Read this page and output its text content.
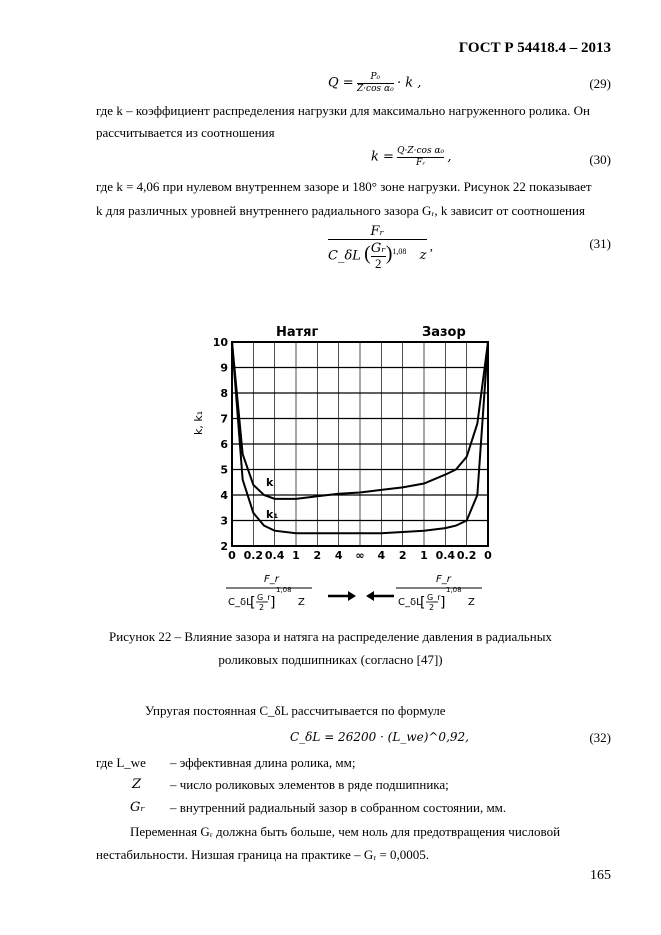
ГОСТ Р 54418.4 – 2013
$Q = \frac{\text{P₀}}{\text{Z·cos α₀}} \cdot k$ ,	(29)
где k – коэффициент распределения нагрузки для максимально нагруженного ролика. Он
рассчитывается из соотношения
$k = \frac{\text{Q·Z·cos α₀}}{\text{Fᵣ}}$ ,	(30)
где k = 4,06 при нулевом внутреннем зазоре и 180° зоне нагрузки. Рисунок 22 показывает
k для различных уровней внутреннего радиального зазора Gᵣ, k зависит от соотношения
$\frac{\text{Fᵣ}}{C\_\delta L ( \frac{\text{Gᵣ}}{2} )^{1,08} z}$ ,	(31)
Натяг	Зазор
k, k₁
2
3
4
5
6
7
8
9
10
0 0.2 0.4 1 2 4 ∞ 4 2 1 0.4 0.2 0
k
k₁
F_r
C_δL
[ G_r
2 ]
1,08
Z
F_r
C_δL
[ G_r
2 ]
1,08
Z
Рисунок 22 – Влияние зазора и натяга на распределение давления в радиальных
роликовых подшипниках (согласно [47])
Упругая постоянная C_δL рассчитывается по формуле
C_δL = 26200 · (L_we)^0,92,	(32)
где L_we – эффективная длина ролика, мм;
Z – число роликовых элементов в ряде подшипника;
Gᵣ – внутренний радиальный зазор в собранном состоянии, мм.
Переменная Gᵣ должна быть больше, чем ноль для предотвращения числовой
нестабильности. Низшая граница на практике – Gᵣ = 0,0005.
165
